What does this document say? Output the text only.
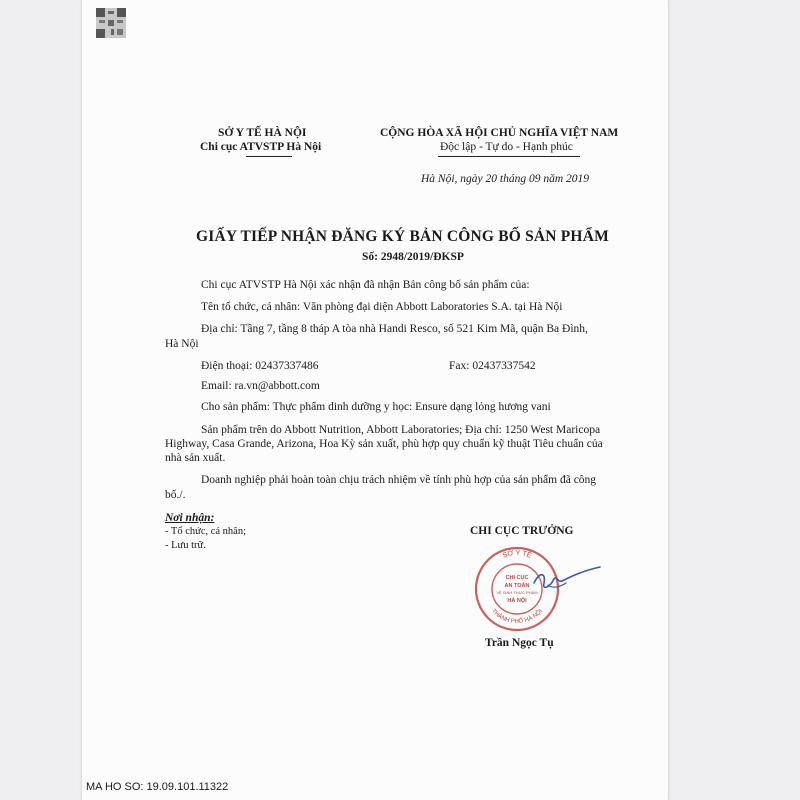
SỞ Y TẾ HÀ NỘI
Chi cục ATVSTP Hà Nội
CỘNG HÒA XÃ HỘI CHỦ NGHĨA VIỆT NAM
Độc lập - Tự do - Hạnh phúc
Hà Nội, ngày 20 tháng 09 năm 2019
GIẤY TIẾP NHẬN ĐĂNG KÝ BẢN CÔNG BỐ SẢN PHẨM
Số: 2948/2019/ĐKSP
Chi cục ATVSTP Hà Nội xác nhận đã nhận Bản công bố sản phẩm của:
Tên tổ chức, cá nhân: Văn phòng đại diện Abbott Laboratories S.A. tại Hà Nội
Địa chỉ: Tầng 7, tầng 8 tháp A tòa nhà Handi Resco, số 521 Kim Mã, quận Ba Đình,
Hà Nội
Điện thoại: 02437337486	Fax: 02437337542
Email: ra.vn@abbott.com
Cho sản phẩm: Thực phẩm dinh dưỡng y học: Ensure dạng lỏng hương vani
Sản phẩm trên do Abbott Nutrition, Abbott Laboratories; Địa chỉ: 1250 West Maricopa
Highway, Casa Grande, Arizona, Hoa Kỳ sản xuất, phù hợp quy chuẩn kỹ thuật Tiêu chuẩn của
nhà sản xuất.
Doanh nghiệp phải hoàn toàn chịu trách nhiệm về tính phù hợp của sản phẩm đã công
bố./.
Nơi nhận:
- Tổ chức, cá nhân;
- Lưu trữ.
CHI CỤC TRƯỞNG
SỞ Y TẾ
THÀNH PHỐ HÀ NỘI
CHI CỤC
AN TOÀN
VỆ SINH THỰC PHẨM
HÀ NỘI
Trần Ngọc Tụ
MA HO SO: 19.09.101.11322
